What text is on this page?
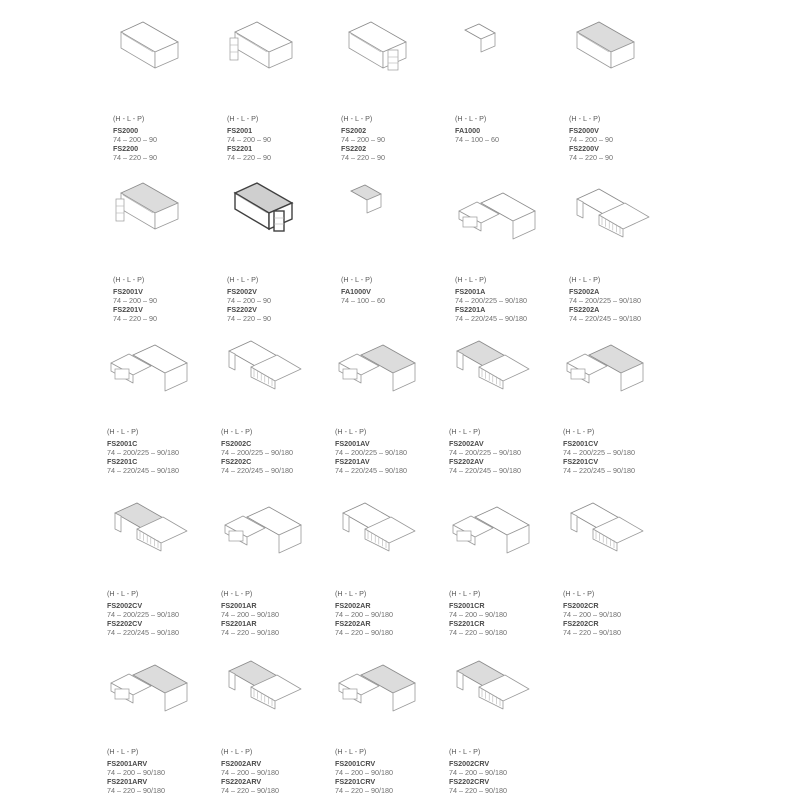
(H - L - P)
FS2000
74 – 200 – 90
FS2200
74 – 220 – 90
(H - L - P)
FS2001
74 – 200 – 90
FS2201
74 – 220 – 90
(H - L - P)
FS2002
74 – 200 – 90
FS2202
74 – 220 – 90
(H - L - P)
FA1000
74 – 100 – 60
(H - L - P)
FS2000V
74 – 200 – 90
FS2200V
74 – 220 – 90
(H - L - P)
FS2001V
74 – 200 – 90
FS2201V
74 – 220 – 90
(H - L - P)
FS2002V
74 – 200 – 90
FS2202V
74 – 220 – 90
(H - L - P)
FA1000V
74 – 100 – 60
(H - L - P)
FS2001A
74 – 200/225 – 90/180
FS2201A
74 – 220/245 – 90/180
(H - L - P)
FS2002A
74 – 200/225 – 90/180
FS2202A
74 – 220/245 – 90/180
(H - L - P)
FS2001C
74 – 200/225 – 90/180
FS2201C
74 – 220/245 – 90/180
(H - L - P)
FS2002C
74 – 200/225 – 90/180
FS2202C
74 – 220/245 – 90/180
(H - L - P)
FS2001AV
74 – 200/225 – 90/180
FS2201AV
74 – 220/245 – 90/180
(H - L - P)
FS2002AV
74 – 200/225 – 90/180
FS2202AV
74 – 220/245 – 90/180
(H - L - P)
FS2001CV
74 – 200/225 – 90/180
FS2201CV
74 – 220/245 – 90/180
(H - L - P)
FS2002CV
74 – 200/225 – 90/180
FS2202CV
74 – 220/245 – 90/180
(H - L - P)
FS2001AR
74 – 200 – 90/180
FS2201AR
74 – 220 – 90/180
(H - L - P)
FS2002AR
74 – 200 – 90/180
FS2202AR
74 – 220 – 90/180
(H - L - P)
FS2001CR
74 – 200 – 90/180
FS2201CR
74 – 220 – 90/180
(H - L - P)
FS2002CR
74 – 200 – 90/180
FS2202CR
74 – 220 – 90/180
(H - L - P)
FS2001ARV
74 – 200 – 90/180
FS2201ARV
74 – 220 – 90/180
(H - L - P)
FS2002ARV
74 – 200 – 90/180
FS2202ARV
74 – 220 – 90/180
(H - L - P)
FS2001CRV
74 – 200 – 90/180
FS2201CRV
74 – 220 – 90/180
(H - L - P)
FS2002CRV
74 – 200 – 90/180
FS2202CRV
74 – 220 – 90/180
